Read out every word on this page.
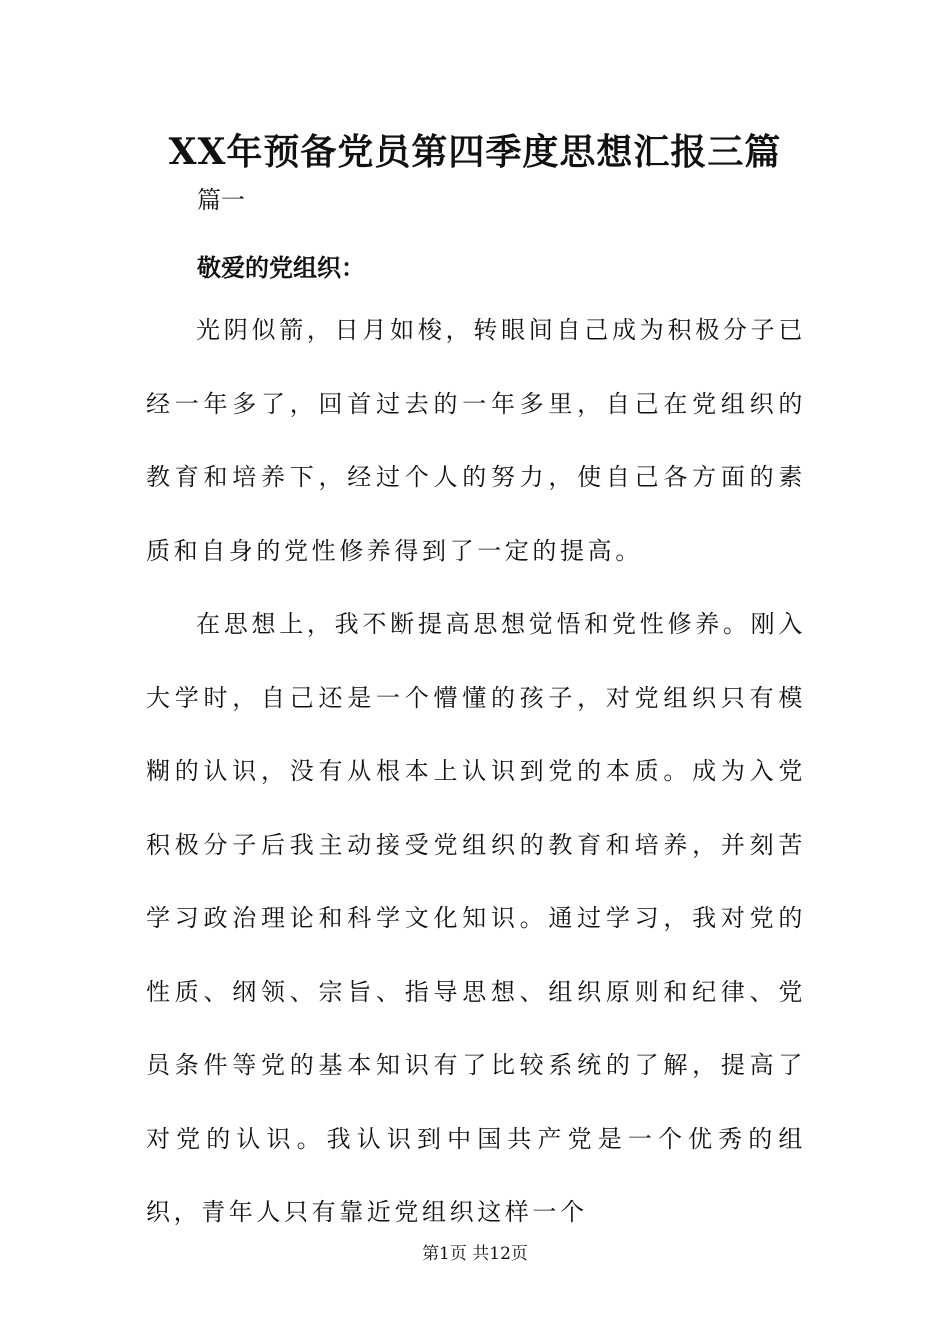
XX年预备党员第四季度思想汇报三篇

篇一

敬爱的党组织：

光阴似箭，日月如梭，转眼间自己成为积极分子已经一年多了，回首过去的一年多里，自己在党组织的教育和培养下，经过个人的努力，使自己各方面的素质和自身的党性修养得到了一定的提高。

在思想上，我不断提高思想觉悟和党性修养。刚入大学时，自己还是一个懵懂的孩子，对党组织只有模糊的认识，没有从根本上认识到党的本质。成为入党积极分子后我主动接受党组织的教育和培养，并刻苦学习政治理论和科学文化知识。通过学习，我对党的性质、纲领、宗旨、指导思想、组织原则和纪律、党员条件等党的基本知识有了比较系统的了解，提高了对党的认识。我认识到中国共产党是一个优秀的组织，青年人只有靠近党组织这样一个

第1页 共12页
